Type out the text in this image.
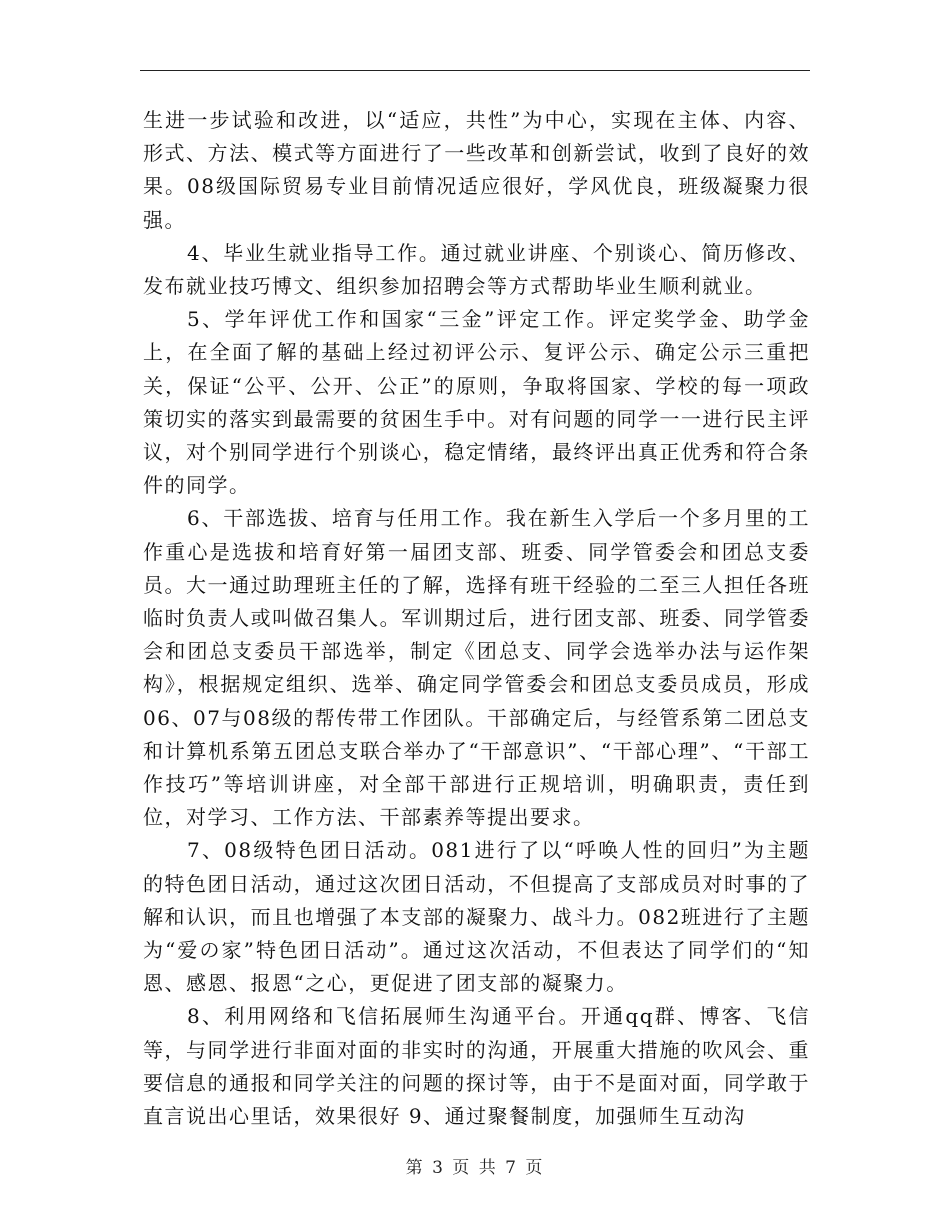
生进一步试验和改进，以“适应，共性”为中心，实现在主体、内容、形式、方法、模式等方面进行了一些改革和创新尝试，收到了良好的效果。08级国际贸易专业目前情况适应很好，学风优良，班级凝聚力很强。

4、毕业生就业指导工作。通过就业讲座、个别谈心、简历修改、发布就业技巧博文、组织参加招聘会等方式帮助毕业生顺利就业。

5、学年评优工作和国家“三金”评定工作。评定奖学金、助学金上，在全面了解的基础上经过初评公示、复评公示、确定公示三重把关，保证“公平、公开、公正”的原则，争取将国家、学校的每一项政策切实的落实到最需要的贫困生手中。对有问题的同学一一进行民主评议，对个别同学进行个别谈心，稳定情绪，最终评出真正优秀和符合条件的同学。

6、干部选拔、培育与任用工作。我在新生入学后一个多月里的工作重心是选拔和培育好第一届团支部、班委、同学管委会和团总支委员。大一通过助理班主任的了解，选择有班干经验的二至三人担任各班临时负责人或叫做召集人。军训期过后，进行团支部、班委、同学管委会和团总支委员干部选举，制定《团总支、同学会选举办法与运作架构》，根据规定组织、选举、确定同学管委会和团总支委员成员，形成06、07与08级的帮传带工作团队。干部确定后，与经管系第二团总支和计算机系第五团总支联合举办了“干部意识”、“干部心理”、“干部工作技巧”等培训讲座，对全部干部进行正规培训，明确职责，责任到位，对学习、工作方法、干部素养等提出要求。

7、08级特色团日活动。081进行了以“呼唤人性的回归”为主题的特色团日活动，通过这次团日活动，不但提高了支部成员对时事的了解和认识，而且也增强了本支部的凝聚力、战斗力。082班进行了主题为“爱の家”特色团日活动”。通过这次活动，不但表达了同学们的“知恩、感恩、报恩“之心，更促进了团支部的凝聚力。

8、利用网络和飞信拓展师生沟通平台。开通qq群、博客、飞信等，与同学进行非面对面的非实时的沟通，开展重大措施的吹风会、重要信息的通报和同学关注的问题的探讨等，由于不是面对面，同学敢于直言说出心里话，效果很好 9、通过聚餐制度，加强师生互动沟

第 3 页 共 7 页
